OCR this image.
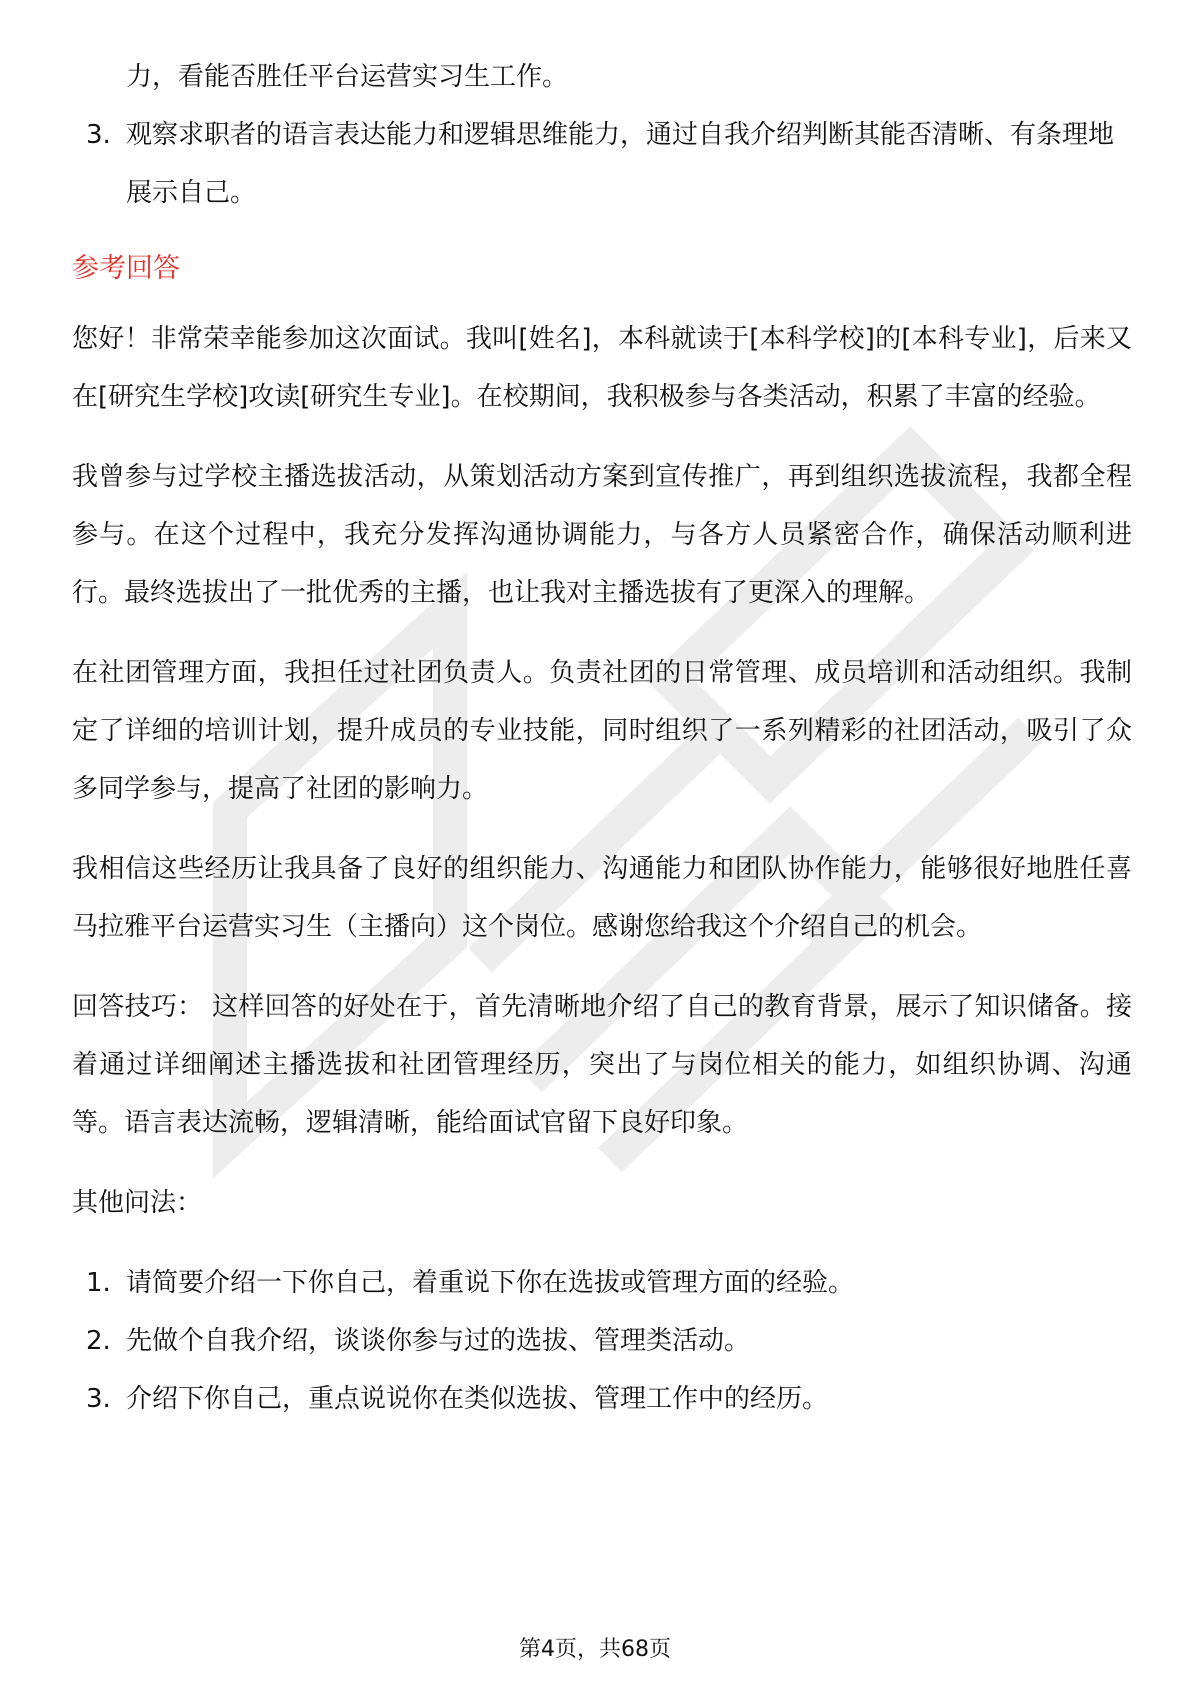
力，看能否胜任平台运营实习生工作。
3. 观察求职者的语言表达能力和逻辑思维能力，通过自我介绍判断其能否清晰、有条理地展示自己。
参考回答
您好！非常荣幸能参加这次面试。我叫[姓名]，本科就读于[本科学校]的[本科专业]，后来又在[研究生学校]攻读[研究生专业]。在校期间，我积极参与各类活动，积累了丰富的经验。
我曾参与过学校主播选拔活动，从策划活动方案到宣传推广，再到组织选拔流程，我都全程参与。在这个过程中，我充分发挥沟通协调能力，与各方人员紧密合作，确保活动顺利进行。最终选拔出了一批优秀的主播，也让我对主播选拔有了更深入的理解。
在社团管理方面，我担任过社团负责人。负责社团的日常管理、成员培训和活动组织。我制定了详细的培训计划，提升成员的专业技能，同时组织了一系列精彩的社团活动，吸引了众多同学参与，提高了社团的影响力。
我相信这些经历让我具备了良好的组织能力、沟通能力和团队协作能力，能够很好地胜任喜马拉雅平台运营实习生（主播向）这个岗位。感谢您给我这个介绍自己的机会。
回答技巧： 这样回答的好处在于，首先清晰地介绍了自己的教育背景，展示了知识储备。接着通过详细阐述主播选拔和社团管理经历，突出了与岗位相关的能力，如组织协调、沟通等。语言表达流畅，逻辑清晰，能给面试官留下良好印象。
其他问法：
1. 请简要介绍一下你自己，着重说下你在选拔或管理方面的经验。
2. 先做个自我介绍，谈谈你参与过的选拔、管理类活动。
3. 介绍下你自己，重点说说你在类似选拔、管理工作中的经历。
第4页，共68页
